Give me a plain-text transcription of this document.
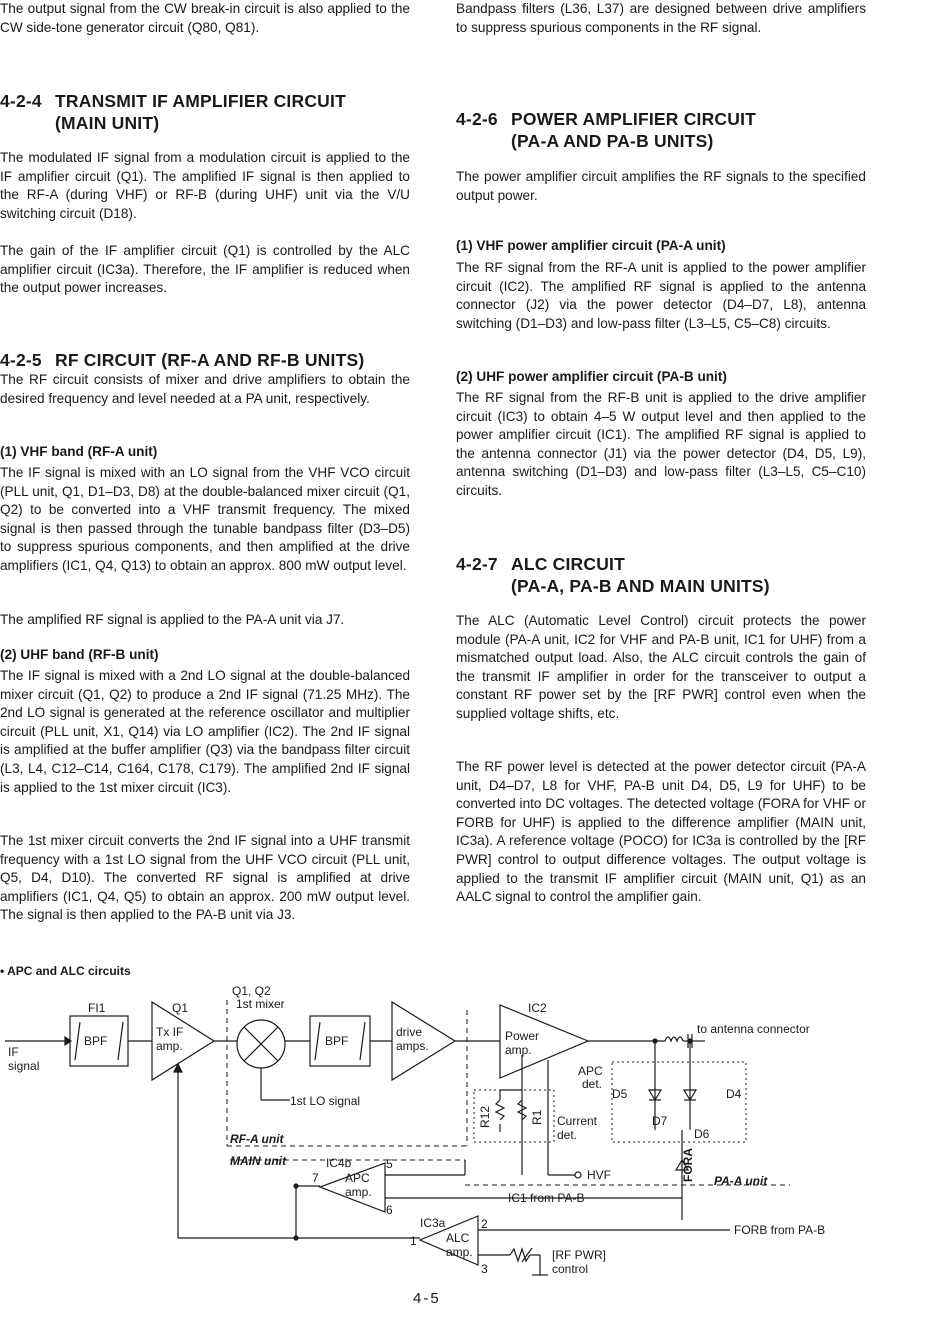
The output signal from the CW break-in circuit is also applied to the CW side-tone generator circuit (Q80, Q81).

4-2-4 TRANSMIT IF AMPLIFIER CIRCUIT
(MAIN UNIT)

The modulated IF signal from a modulation circuit is applied to the IF amplifier circuit (Q1). The amplified IF signal is then applied to the RF-A (during VHF) or RF-B (during UHF) unit via the V/U switching circuit (D18).

The gain of the IF amplifier circuit (Q1) is controlled by the ALC amplifier circuit (IC3a). Therefore, the IF amplifier is reduced when the output power increases.

4-2-5 RF CIRCUIT (RF-A AND RF-B UNITS)

The RF circuit consists of mixer and drive amplifiers to obtain the desired frequency and level needed at a PA unit, respectively.

(1) VHF band (RF-A unit)

The IF signal is mixed with an LO signal from the VHF VCO circuit (PLL unit, Q1, D1–D3, D8) at the double-balanced mixer circuit (Q1, Q2) to be converted into a VHF transmit frequency. The mixed signal is then passed through the tunable bandpass filter (D3–D5) to suppress spurious components, and then amplified at the drive amplifiers (IC1, Q4, Q13) to obtain an approx. 800 mW output level.

The amplified RF signal is applied to the PA-A unit via J7.

(2) UHF band (RF-B unit)

The IF signal is mixed with a 2nd LO signal at the double-balanced mixer circuit (Q1, Q2) to produce a 2nd IF signal (71.25 MHz). The 2nd LO signal is generated at the reference oscillator and multiplier circuit (PLL unit, X1, Q14) via LO amplifier (IC2). The 2nd IF signal is amplified at the buffer amplifier (Q3) via the bandpass filter circuit (L3, L4, C12–C14, C164, C178, C179). The amplified 2nd IF signal is applied to the 1st mixer circuit (IC3).

The 1st mixer circuit converts the 2nd IF signal into a UHF transmit frequency with a 1st LO signal from the UHF VCO circuit (PLL unit, Q5, D4, D10). The converted RF signal is amplified at drive amplifiers (IC1, Q4, Q5) to obtain an approx. 200 mW output level. The signal is then applied to the PA-B unit via J3.

Bandpass filters (L36, L37) are designed between drive amplifiers to suppress spurious components in the RF signal.

4-2-6 POWER AMPLIFIER CIRCUIT
(PA-A AND PA-B UNITS)

The power amplifier circuit amplifies the RF signals to the specified output power.

(1) VHF power amplifier circuit (PA-A unit)

The RF signal from the RF-A unit is applied to the power amplifier circuit (IC2). The amplified RF signal is applied to the antenna connector (J2) via the power detector (D4–D7, L8), antenna switching (D1–D3) and low-pass filter (L3–L5, C5–C8) circuits.

(2) UHF power amplifier circuit (PA-B unit)

The RF signal from the RF-B unit is applied to the drive amplifier circuit (IC3) to obtain 4–5 W output level and then applied to the power amplifier circuit (IC1). The amplified RF signal is applied to the antenna connector (J1) via the power detector (D4, D5, L9), antenna switching (D1–D3) and low-pass filter (L3–L5, C5–C10) circuits.

4-2-7 ALC CIRCUIT
(PA-A, PA-B AND MAIN UNITS)

The ALC (Automatic Level Control) circuit protects the power module (PA-A unit, IC2 for VHF and PA-B unit, IC1 for UHF) from a mismatched output load. Also, the ALC circuit controls the gain of the transmit IF amplifier in order for the transceiver to output a constant RF power set by the [RF PWR] control even when the supplied voltage shifts, etc.

The RF power level is detected at the power detector circuit (PA-A unit, D4–D7, L8 for VHF, PA-B unit D4, D5, L9 for UHF) to be converted into DC voltages. The detected voltage (FORA for VHF or FORB for UHF) is applied to the difference amplifier (MAIN unit, IC3a). A reference voltage (POCO) for IC3a is controlled by the [RF PWR] control to output difference voltages. The output voltage is applied to the transmit IF amplifier circuit (MAIN unit, Q1) as an AALC signal to control the amplifier gain.

• APC and ALC circuits
FI1
BPF
Q1
Tx IF
amp.
Q1, Q2
1st mixer
BPF
drive
amps.
IC2
Power
amp.
to antenna connector
IF
signal
1st LO signal
APC
det.
D5	D4
D7
D6
R12	R1 Current
det.
RF-A unit
MAIN unit	IC4b
APC
amp.
5
7
6
HVF	FORA PA-A unit
IC1 from PA-B
IC3a
1
2
3
ALC
amp.
FORB from PA-B
[RF PWR]
control
4-5
